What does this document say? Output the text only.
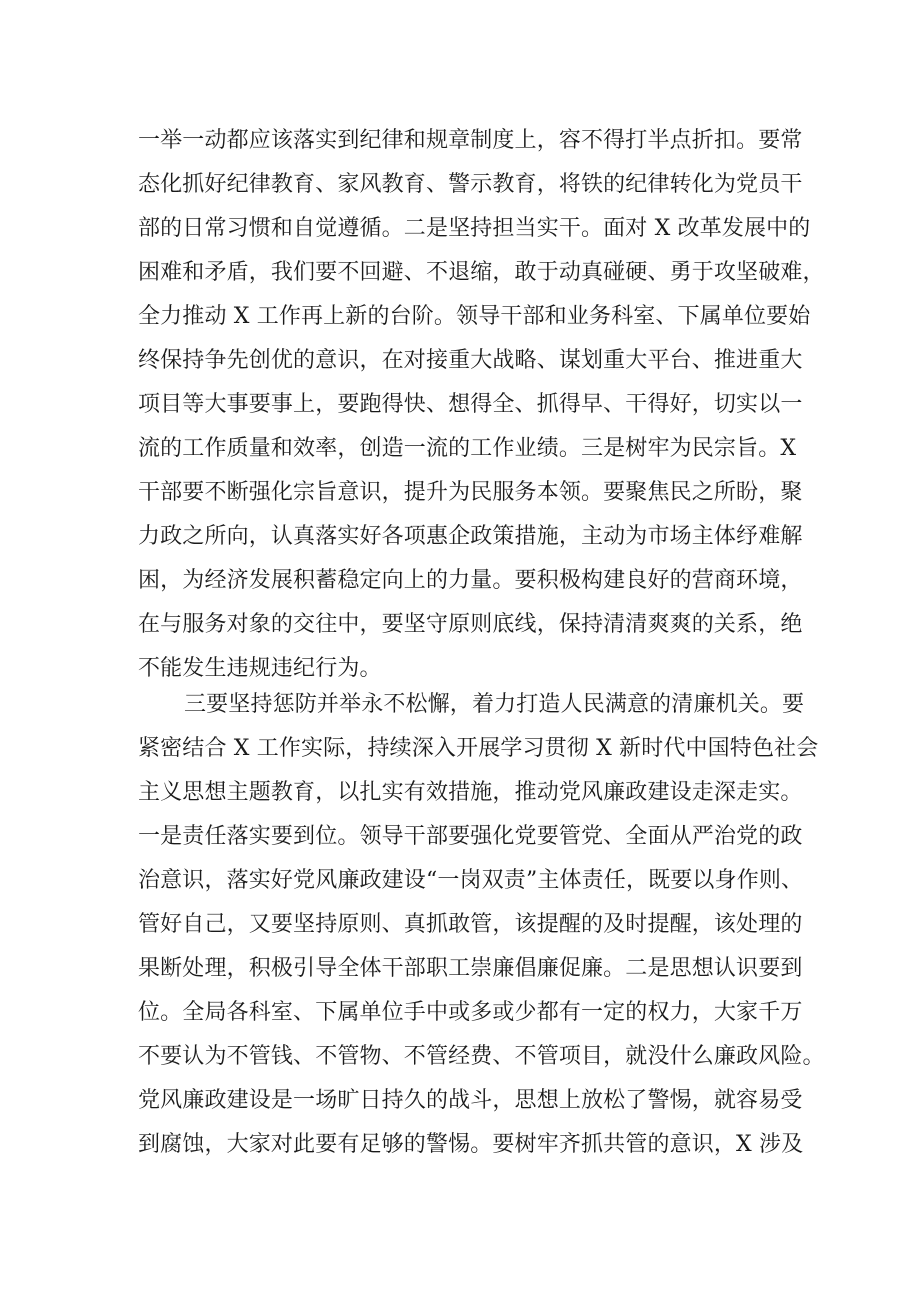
一举一动都应该落实到纪律和规章制度上，容不得打半点折扣。要常
态化抓好纪律教育、家风教育、警示教育，将铁的纪律转化为党员干
部的日常习惯和自觉遵循。二是坚持担当实干。面对 X 改革发展中的
困难和矛盾，我们要不回避、不退缩，敢于动真碰硬、勇于攻坚破难，
全力推动 X 工作再上新的台阶。领导干部和业务科室、下属单位要始
终保持争先创优的意识，在对接重大战略、谋划重大平台、推进重大
项目等大事要事上，要跑得快、想得全、抓得早、干得好，切实以一
流的工作质量和效率，创造一流的工作业绩。三是树牢为民宗旨。X
干部要不断强化宗旨意识，提升为民服务本领。要聚焦民之所盼，聚
力政之所向，认真落实好各项惠企政策措施，主动为市场主体纾难解
困，为经济发展积蓄稳定向上的力量。要积极构建良好的营商环境，
在与服务对象的交往中，要坚守原则底线，保持清清爽爽的关系，绝
不能发生违规违纪行为。
三要坚持惩防并举永不松懈，着力打造人民满意的清廉机关。要
紧密结合 X 工作实际，持续深入开展学习贯彻 X 新时代中国特色社会
主义思想主题教育，以扎实有效措施，推动党风廉政建设走深走实。
一是责任落实要到位。领导干部要强化党要管党、全面从严治党的政
治意识，落实好党风廉政建设“一岗双责”主体责任，既要以身作则、
管好自己，又要坚持原则、真抓敢管，该提醒的及时提醒，该处理的
果断处理，积极引导全体干部职工崇廉倡廉促廉。二是思想认识要到
位。全局各科室、下属单位手中或多或少都有一定的权力，大家千万
不要认为不管钱、不管物、不管经费、不管项目，就没什么廉政风险。
党风廉政建设是一场旷日持久的战斗，思想上放松了警惕，就容易受
到腐蚀，大家对此要有足够的警惕。要树牢齐抓共管的意识，X 涉及
